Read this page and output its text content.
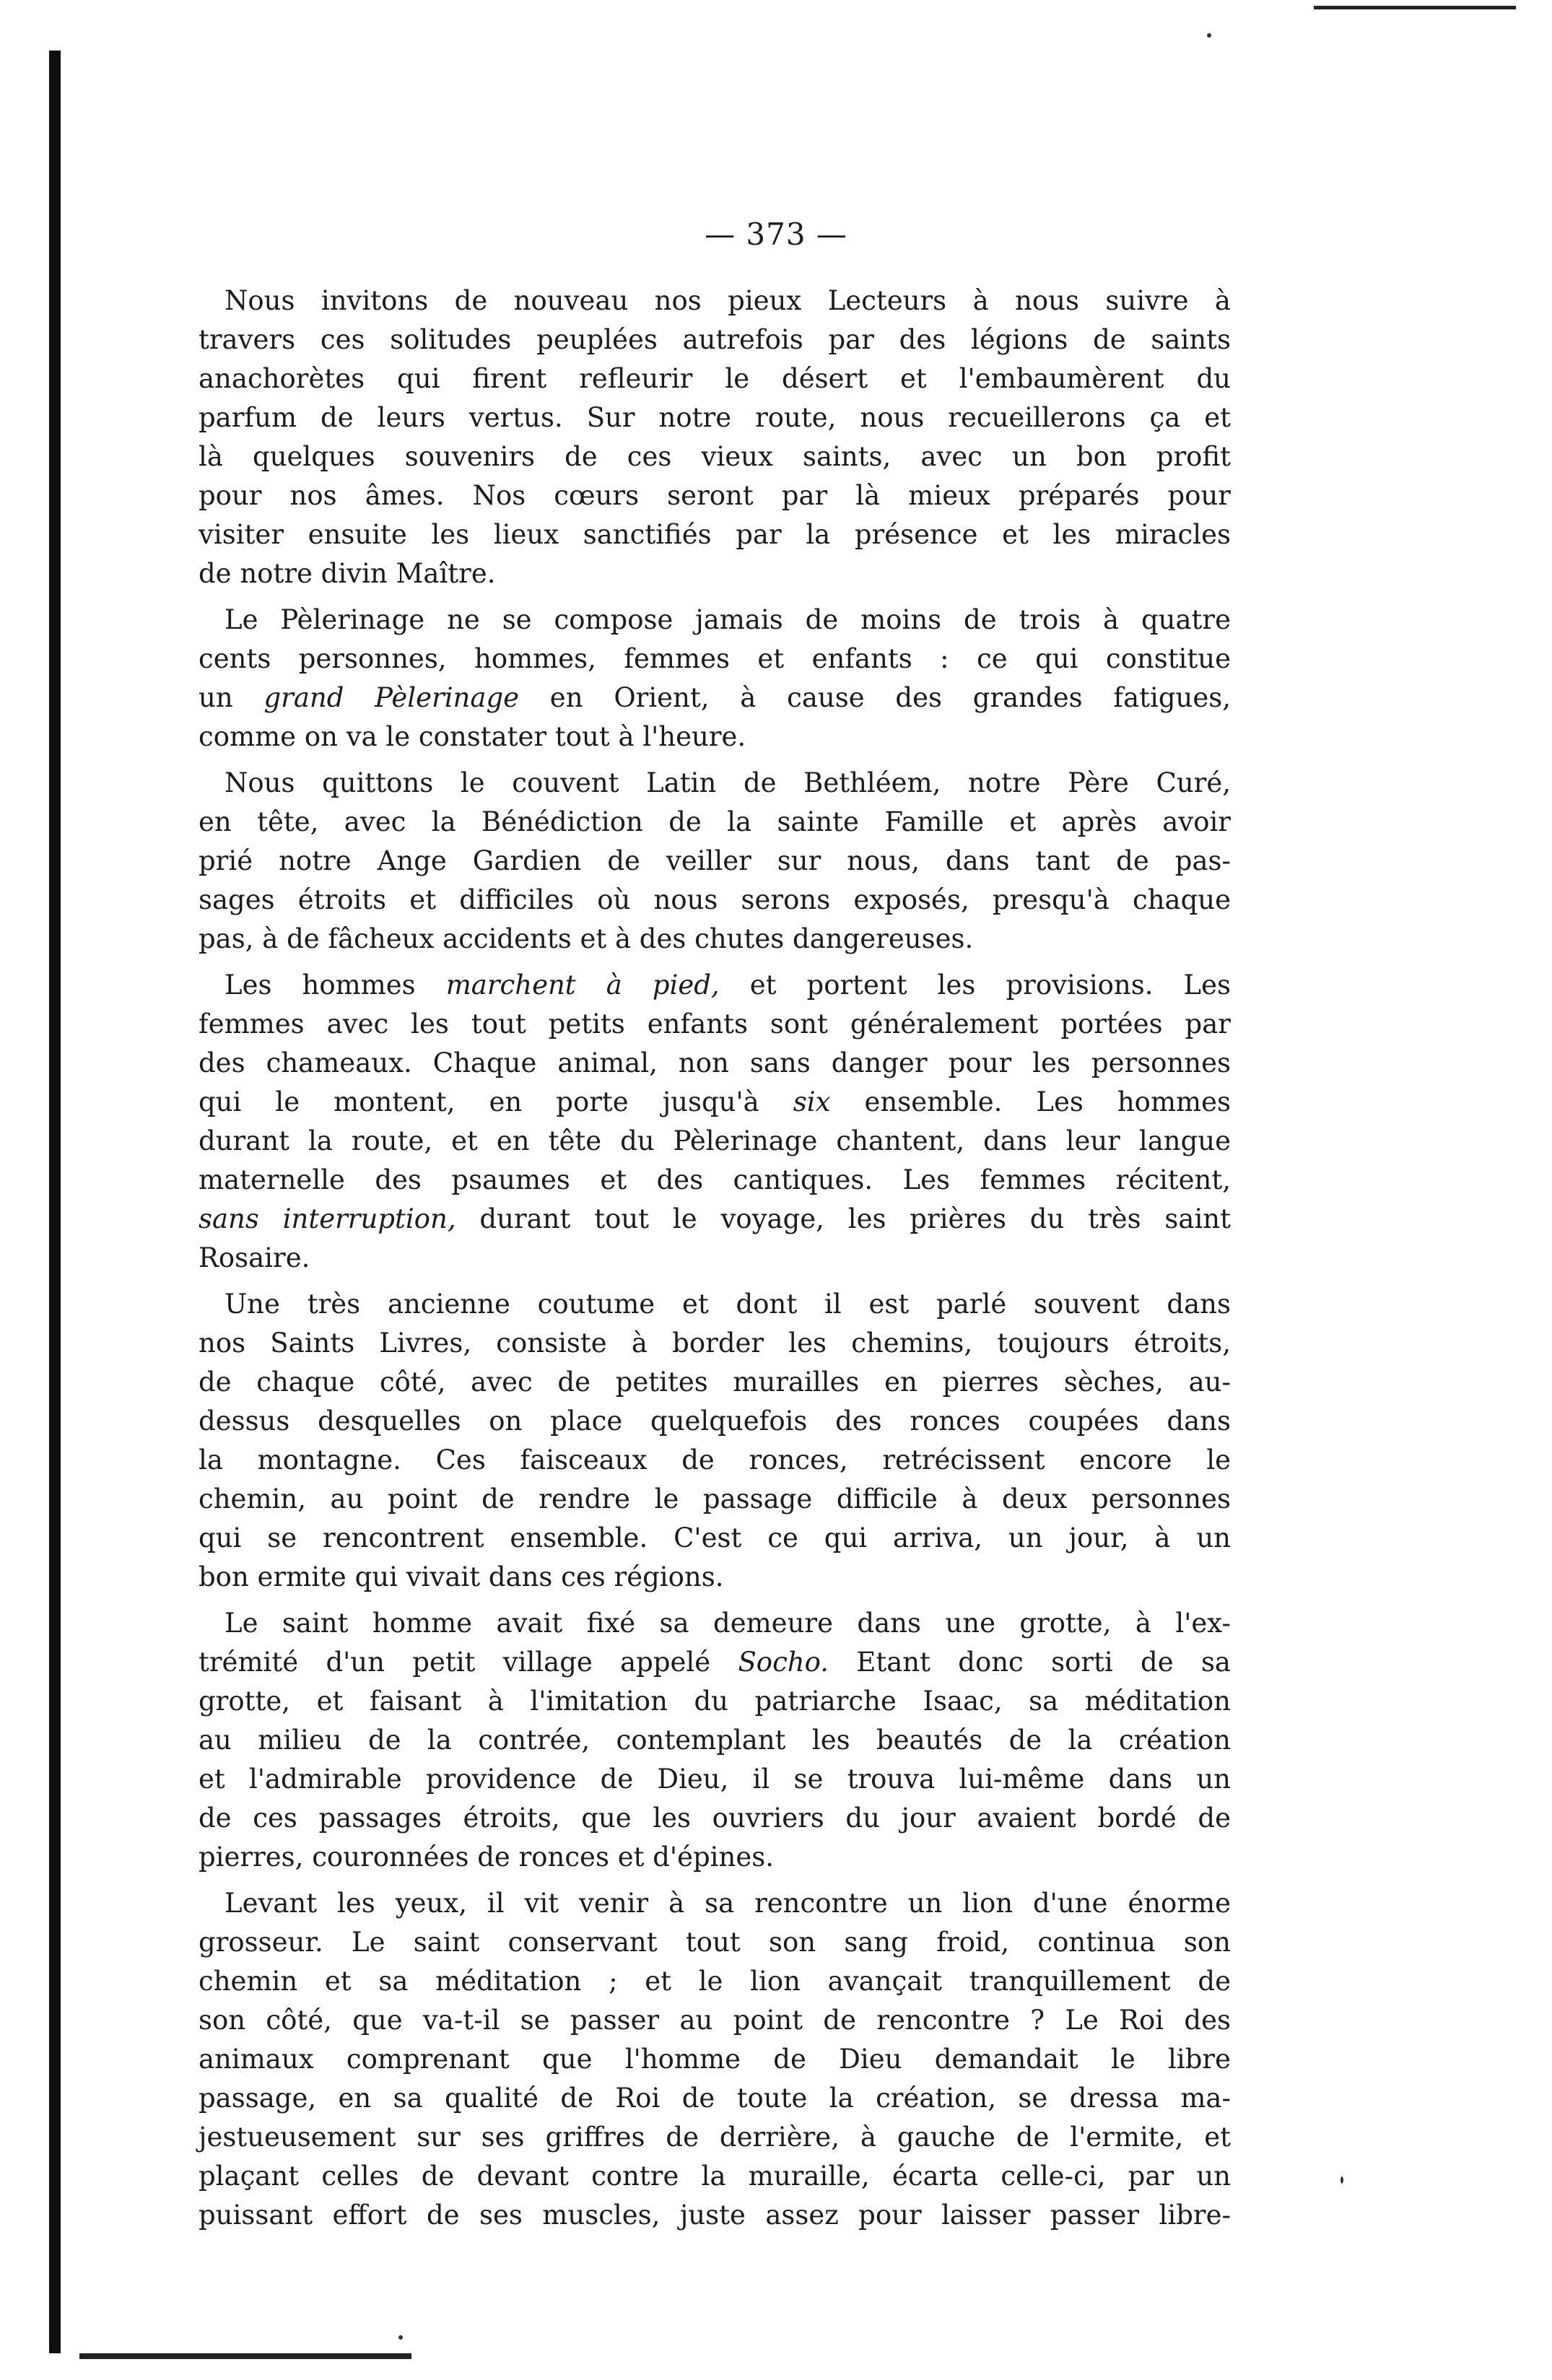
— 373 —
Nous invitons de nouveau nos pieux Lecteurs à nous suivre à
travers ces solitudes peuplées autrefois par des légions de saints
anachorètes qui firent refleurir le désert et l'embaumèrent du
parfum de leurs vertus. Sur notre route, nous recueillerons ça et
là quelques souvenirs de ces vieux saints, avec un bon profit
pour nos âmes. Nos cœurs seront par là mieux préparés pour
visiter ensuite les lieux sanctifiés par la présence et les miracles
de notre divin Maître.
Le Pèlerinage ne se compose jamais de moins de trois à quatre
cents personnes, hommes, femmes et enfants : ce qui constitue
un grand Pèlerinage en Orient, à cause des grandes fatigues,
comme on va le constater tout à l'heure.
Nous quittons le couvent Latin de Bethléem, notre Père Curé,
en tête, avec la Bénédiction de la sainte Famille et après avoir
prié notre Ange Gardien de veiller sur nous, dans tant de pas-
sages étroits et difficiles où nous serons exposés, presqu'à chaque
pas, à de fâcheux accidents et à des chutes dangereuses.
Les hommes marchent à pied, et portent les provisions. Les
femmes avec les tout petits enfants sont généralement portées par
des chameaux. Chaque animal, non sans danger pour les personnes
qui le montent, en porte jusqu'à six ensemble. Les hommes
durant la route, et en tête du Pèlerinage chantent, dans leur langue
maternelle des psaumes et des cantiques. Les femmes récitent,
sans interruption, durant tout le voyage, les prières du très saint
Rosaire.
Une très ancienne coutume et dont il est parlé souvent dans
nos Saints Livres, consiste à border les chemins, toujours étroits,
de chaque côté, avec de petites murailles en pierres sèches, au-
dessus desquelles on place quelquefois des ronces coupées dans
la montagne. Ces faisceaux de ronces, retrécissent encore le
chemin, au point de rendre le passage difficile à deux personnes
qui se rencontrent ensemble. C'est ce qui arriva, un jour, à un
bon ermite qui vivait dans ces régions.
Le saint homme avait fixé sa demeure dans une grotte, à l'ex-
trémité d'un petit village appelé Socho. Etant donc sorti de sa
grotte, et faisant à l'imitation du patriarche Isaac, sa méditation
au milieu de la contrée, contemplant les beautés de la création
et l'admirable providence de Dieu, il se trouva lui-même dans un
de ces passages étroits, que les ouvriers du jour avaient bordé de
pierres, couronnées de ronces et d'épines.
Levant les yeux, il vit venir à sa rencontre un lion d'une énorme
grosseur. Le saint conservant tout son sang froid, continua son
chemin et sa méditation ; et le lion avançait tranquillement de
son côté, que va-t-il se passer au point de rencontre ? Le Roi des
animaux comprenant que l'homme de Dieu demandait le libre
passage, en sa qualité de Roi de toute la création, se dressa ma-
jestueusement sur ses griffres de derrière, à gauche de l'ermite, et
plaçant celles de devant contre la muraille, écarta celle-ci, par un
puissant effort de ses muscles, juste assez pour laisser passer libre-
